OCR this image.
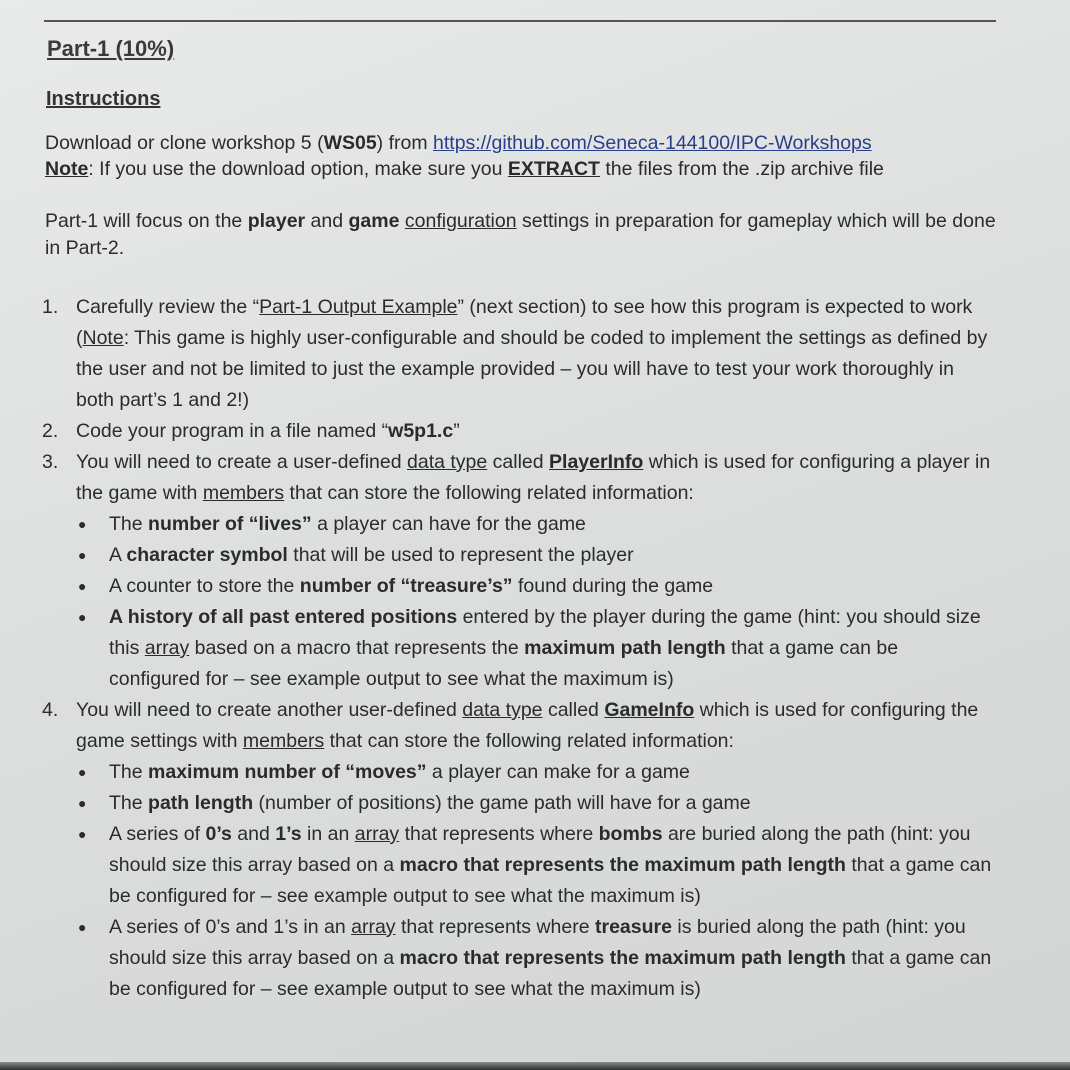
Part-1 (10%)
Instructions

Download or clone workshop 5 (WS05) from https://github.com/Seneca-144100/IPC-Workshops
Note: If you use the download option, make sure you EXTRACT the files from the .zip archive file

Part-1 will focus on the player and game configuration settings in preparation for gameplay which will be done in Part-2.

1. Carefully review the “Part-1 Output Example” (next section) to see how this program is expected to work (Note: This game is highly user-configurable and should be coded to implement the settings as defined by the user and not be limited to just the example provided – you will have to test your work thoroughly in both part’s 1 and 2!)
2. Code your program in a file named “w5p1.c”
3. You will need to create a user-defined data type called PlayerInfo which is used for configuring a player in the game with members that can store the following related information:
● The number of “lives” a player can have for the game
● A character symbol that will be used to represent the player
● A counter to store the number of “treasure’s” found during the game
● A history of all past entered positions entered by the player during the game (hint: you should size this array based on a macro that represents the maximum path length that a game can be configured for – see example output to see what the maximum is)
4. You will need to create another user-defined data type called GameInfo which is used for configuring the game settings with members that can store the following related information:
● The maximum number of “moves” a player can make for a game
● The path length (number of positions) the game path will have for a game
● A series of 0’s and 1’s in an array that represents where bombs are buried along the path (hint: you should size this array based on a macro that represents the maximum path length that a game can be configured for – see example output to see what the maximum is)
● A series of 0’s and 1’s in an array that represents where treasure is buried along the path (hint: you should size this array based on a macro that represents the maximum path length that a game can be configured for – see example output to see what the maximum is)
